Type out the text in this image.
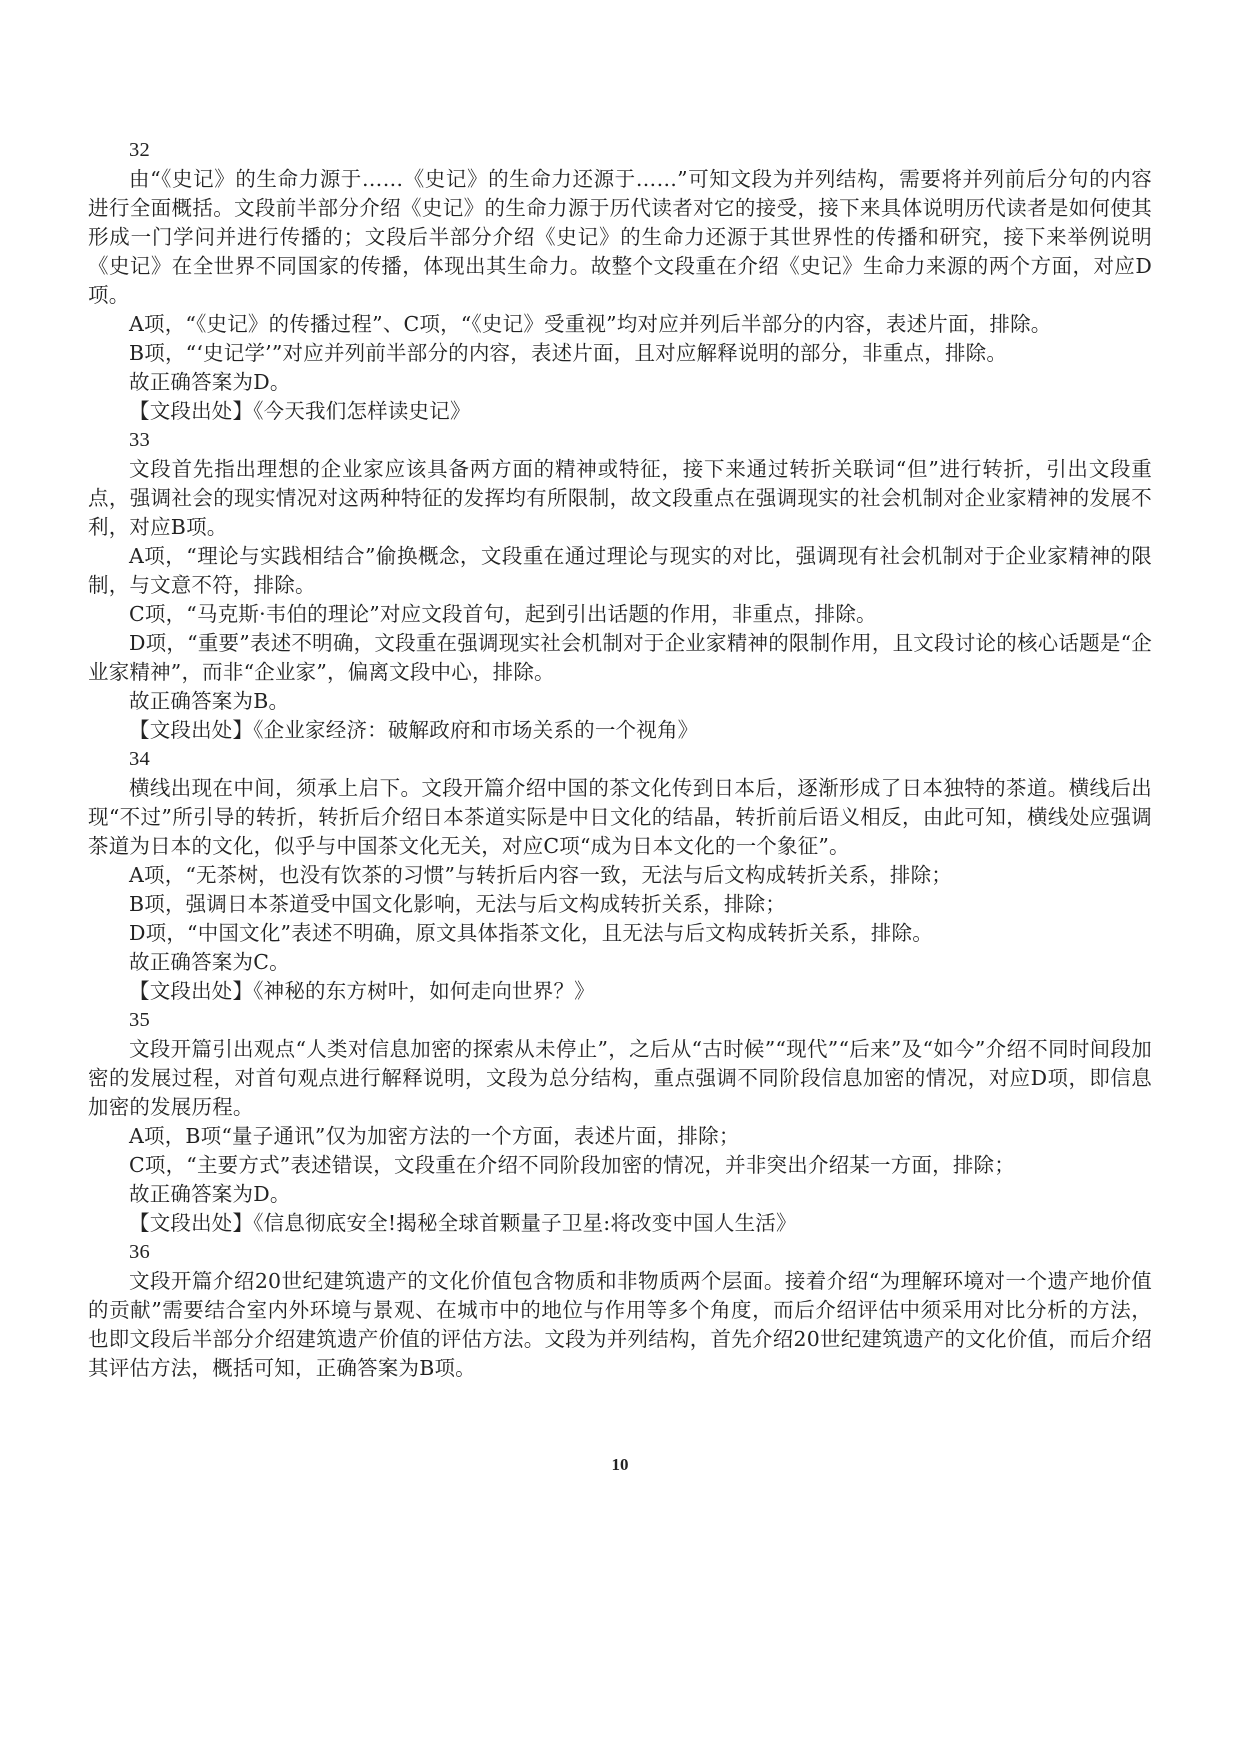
32

由“《史记》的生命力源于……《史记》的生命力还源于……”可知文段为并列结构，需要将并列前后分句的内容进行全面概括。文段前半部分介绍《史记》的生命力源于历代读者对它的接受，接下来具体说明历代读者是如何使其形成一门学问并进行传播的；文段后半部分介绍《史记》的生命力还源于其世界性的传播和研究，接下来举例说明《史记》在全世界不同国家的传播，体现出其生命力。故整个文段重在介绍《史记》生命力来源的两个方面，对应D项。

A项，“《史记》的传播过程”、C项，“《史记》受重视”均对应并列后半部分的内容，表述片面，排除。

B项，“‘史记学’”对应并列前半部分的内容，表述片面，且对应解释说明的部分，非重点，排除。

故正确答案为D。

【文段出处】《今天我们怎样读史记》

33

文段首先指出理想的企业家应该具备两方面的精神或特征，接下来通过转折关联词“但”进行转折，引出文段重点，强调社会的现实情况对这两种特征的发挥均有所限制，故文段重点在强调现实的社会机制对企业家精神的发展不利，对应B项。

A项，“理论与实践相结合”偷换概念，文段重在通过理论与现实的对比，强调现有社会机制对于企业家精神的限制，与文意不符，排除。

C项，“马克斯·韦伯的理论”对应文段首句，起到引出话题的作用，非重点，排除。

D项，“重要”表述不明确，文段重在强调现实社会机制对于企业家精神的限制作用，且文段讨论的核心话题是“企业家精神”，而非“企业家”，偏离文段中心，排除。

故正确答案为B。

【文段出处】《企业家经济：破解政府和市场关系的一个视角》

34

横线出现在中间，须承上启下。文段开篇介绍中国的茶文化传到日本后，逐渐形成了日本独特的茶道。横线后出现“不过”所引导的转折，转折后介绍日本茶道实际是中日文化的结晶，转折前后语义相反，由此可知，横线处应强调茶道为日本的文化，似乎与中国茶文化无关，对应C项“成为日本文化的一个象征”。

A项，“无茶树，也没有饮茶的习惯”与转折后内容一致，无法与后文构成转折关系，排除；

B项，强调日本茶道受中国文化影响，无法与后文构成转折关系，排除；

D项，“中国文化”表述不明确，原文具体指茶文化，且无法与后文构成转折关系，排除。

故正确答案为C。

【文段出处】《神秘的东方树叶，如何走向世界？》

35

文段开篇引出观点“人类对信息加密的探索从未停止”，之后从“古时候”“现代”“后来”及“如今”介绍不同时间段加密的发展过程，对首句观点进行解释说明，文段为总分结构，重点强调不同阶段信息加密的情况，对应D项，即信息加密的发展历程。

A项，B项“量子通讯”仅为加密方法的一个方面，表述片面，排除；

C项，“主要方式”表述错误，文段重在介绍不同阶段加密的情况，并非突出介绍某一方面，排除；

故正确答案为D。

【文段出处】《信息彻底安全!揭秘全球首颗量子卫星:将改变中国人生活》

36

文段开篇介绍20世纪建筑遗产的文化价值包含物质和非物质两个层面。接着介绍“为理解环境对一个遗产地价值的贡献”需要结合室内外环境与景观、在城市中的地位与作用等多个角度，而后介绍评估中须采用对比分析的方法，也即文段后半部分介绍建筑遗产价值的评估方法。文段为并列结构，首先介绍20世纪建筑遗产的文化价值，而后介绍其评估方法，概括可知，正确答案为B项。

10
